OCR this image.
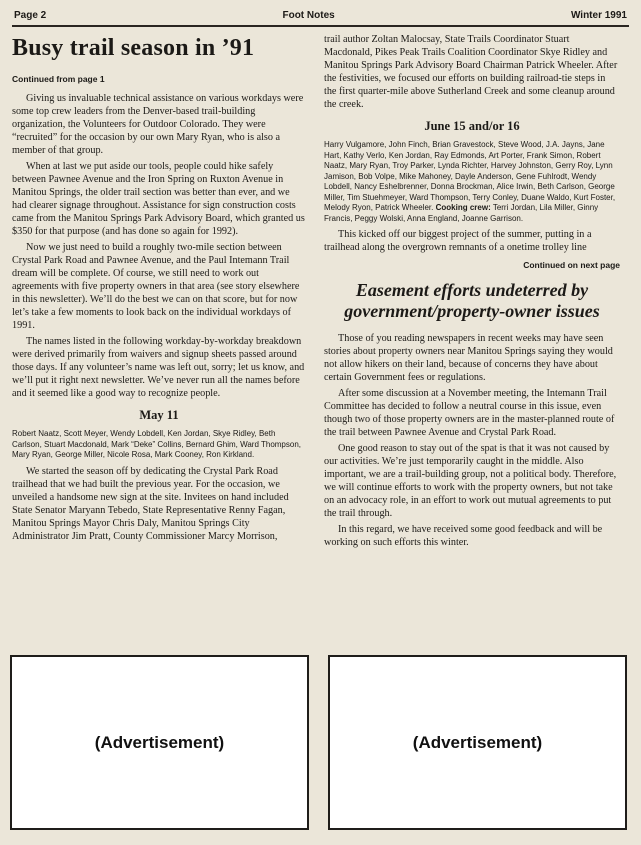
Page 2	Foot Notes	Winter 1991
Busy trail season in ’91
Continued from page 1

Giving us invaluable technical assistance on various workdays were some top crew leaders from the Denver-based trail-building organization, the Volunteers for Outdoor Colorado. They were “recruited” for the occasion by our own Mary Ryan, who is also a member of that group.

When at last we put aside our tools, people could hike safely between Pawnee Avenue and the Iron Spring on Ruxton Avenue in Manitou Springs, the older trail section was better than ever, and we had clearer signage throughout. Assistance for sign construction costs came from the Manitou Springs Park Advisory Board, which granted us $350 for that purpose (and has done so again for 1992).

Now we just need to build a roughly two-mile section between Crystal Park Road and Pawnee Avenue, and the Paul Intemann Trail dream will be complete. Of course, we still need to work out agreements with five property owners in that area (see story elsewhere in this newsletter). We’ll do the best we can on that score, but for now let’s take a few moments to look back on the individual workdays of 1991.

The names listed in the following workday-by-workday breakdown were derived primarily from waivers and signup sheets passed around those days. If any volunteer’s name was left out, sorry; let us know, and we’ll put it right next newsletter. We’ve never run all the names before and it seemed like a good way to recognize people.

May 11
Robert Naatz, Scott Meyer, Wendy Lobdell, Ken Jordan, Skye Ridley, Beth Carlson, Stuart Macdonald, Mark “Deke” Collins, Bernard Ghim, Ward Thompson, Mary Ryan, George Miller, Nicole Rosa, Mark Cooney, Ron Kirkland.

We started the season off by dedicating the Crystal Park Road trailhead that we had built the previous year. For the occasion, we unveiled a handsome new sign at the site. Invitees on hand included State Senator Maryann Tebedo, State Representative Renny Fagan, Manitou Springs Mayor Chris Daly, Manitou Springs City Administrator Jim Pratt, County Commissioner Marcy Morrison,

trail author Zoltan Malocsay, State Trails Coordinator Stuart Macdonald, Pikes Peak Trails Coalition Coordinator Skye Ridley and Manitou Springs Park Advisory Board Chairman Patrick Wheeler. After the festivities, we focused our efforts on building railroad-tie steps in the first quarter-mile above Sutherland Creek and some cleanup around the creek.

June 15 and/or 16
Harry Vulgamore, John Finch, Brian Gravestock, Steve Wood, J.A. Jayns, Jane Hart, Kathy Verlo, Ken Jordan, Ray Edmonds, Art Porter, Frank Simon, Robert Naatz, Mary Ryan, Troy Parker, Lynda Richter, Harvey Johnston, Gerry Roy, Lynn Jamison, Bob Volpe, Mike Mahoney, Dayle Anderson, Gene Fuhlrodt, Wendy Lobdell, Nancy Eshelbrenner, Donna Brockman, Alice Irwin, Beth Carlson, George Miller, Tim Stuehmeyer, Ward Thompson, Terry Conley, Duane Waldo, Kurt Foster, Melody Ryon, Patrick Wheeler. Cooking crew: Terri Jordan, Lila Miller, Ginny Francis, Peggy Wolski, Anna England, Joanne Garrison.

This kicked off our biggest project of the summer, putting in a trailhead along the overgrown remnants of a onetime trolley line

Continued on next page
Easement efforts undeterred by government/property-owner issues

Those of you reading newspapers in recent weeks may have seen stories about property owners near Manitou Springs saying they would not allow hikers on their land, because of concerns they have about certain Government fees or regulations.

After some discussion at a November meeting, the Intemann Trail Committee has decided to follow a neutral course in this issue, even though two of those property owners are in the master-planned route of the trail between Pawnee Avenue and Crystal Park Road.

One good reason to stay out of the spat is that it was not caused by our activities. We’re just temporarily caught in the middle. Also important, we are a trail-building group, not a political body. Therefore, we will continue efforts to work with the property owners, but not take on an advocacy role, in an effort to work out mutual agreements to put the trail through.

In this regard, we have received some good feedback and will be working on such efforts this winter.

(Advertisement)	(Advertisement)
